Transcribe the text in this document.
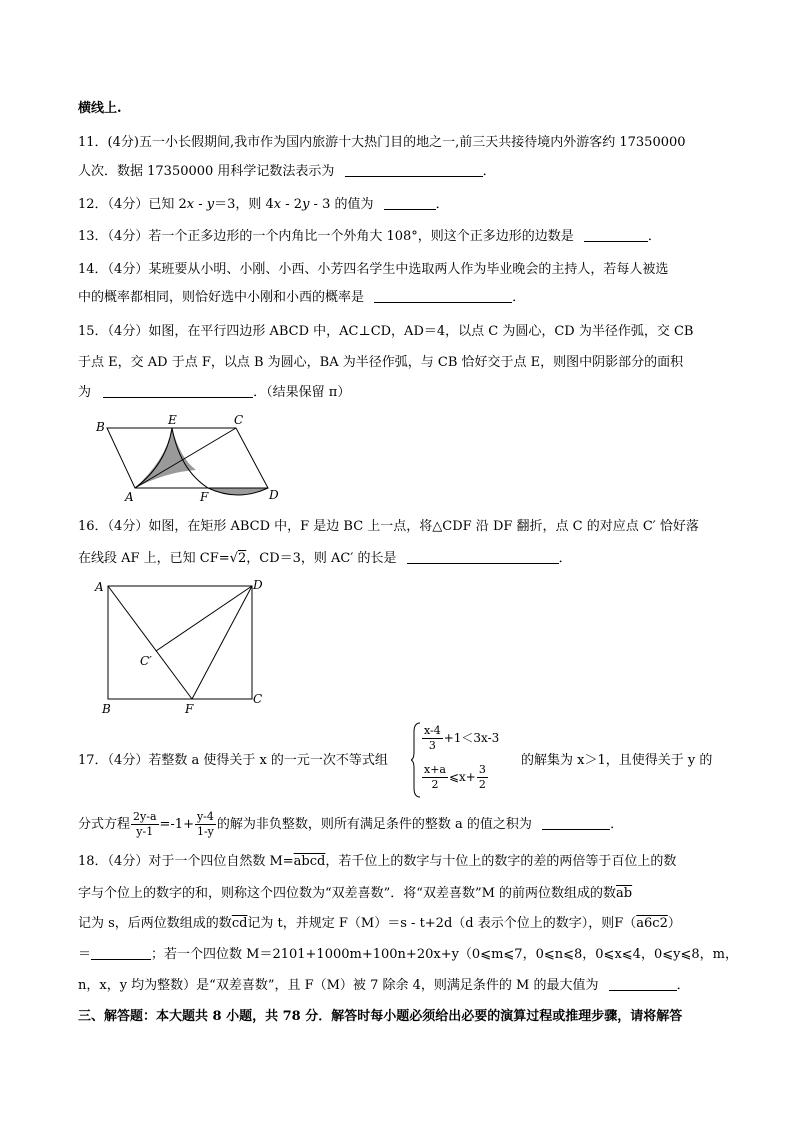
横线上.
11．(4分)五一小长假期间,我市作为国内旅游十大热门目的地之一,前三天共接待境内外游客约 17350000
人次．数据 17350000 用科学记数法表示为	．
12．（4分）已知 2x - y＝3，则 4x - 2y - 3 的值为	．
13．（4分）若一个正多边形的一个内角比一个外角大 108°，则这个正多边形的边数是	．
14．（4分）某班要从小明、小刚、小西、小芳四名学生中选取两人作为毕业晚会的主持人，若每人被选
中的概率都相同，则恰好选中小刚和小西的概率是	．
15．（4分）如图，在平行四边形 ABCD 中，AC⊥CD，AD＝4，以点 C 为圆心，CD 为半径作弧，交 CB
于点 E，交 AD 于点 F，以点 B 为圆心，BA 为半径作弧，与 CB 恰好交于点 E，则图中阴影部分的面积
为	．（结果保留 π）
B	E	C
A	F	D
16．（4分）如图，在矩形 ABCD 中，F 是边 BC 上一点，将△CDF 沿 DF 翻折，点 C 的对应点 C′ 恰好落
在线段 AF 上，已知 CF=√2，CD＝3，则 AC′ 的长是	．
A	D
C′
B	F
C
17．（4分）若整数 a 使得关于 x 的一元一次不等式组
$\frac{x-4}{3} +1<3x-3$
$\frac{x+a}{2}$ ⩽x+ $\frac{3}{2}$
的解集为 x＞1，且使得关于 y 的
分式方程 $\frac{2y-a}{y-1} =-1+ \frac{y-4}{1-y}$ 的解为非负整数，则所有满足条件的整数 a 的值之积为	．
18．（4分）对于一个四位自然数 M=abcd，若千位上的数字与十位上的数字的差的两倍等于百位上的数
字与个位上的数字的和，则称这个四位数为“双差喜数”．将“双差喜数”M 的前两位数组成的数$\overline{ab}$
记为 s，后两位数组成的数$\overline{cd}$记为 t，并规定 F（M）＝s - t+2d（d 表示个位上的数字），则F（a6c2）
＝	；若一个四位数 M＝2101+1000m+100n+20x+y（0⩽m⩽7，0⩽n⩽8，0⩽x⩽4，0⩽y⩽8，m，
n，x，y 均为整数）是“双差喜数”，且 F（M）被 7 除余 4，则满足条件的 M 的最大值为	．
三、解答题：本大题共 8 小题，共 78 分．解答时每小题必须给出必要的演算过程或推理步骤，请将解答
